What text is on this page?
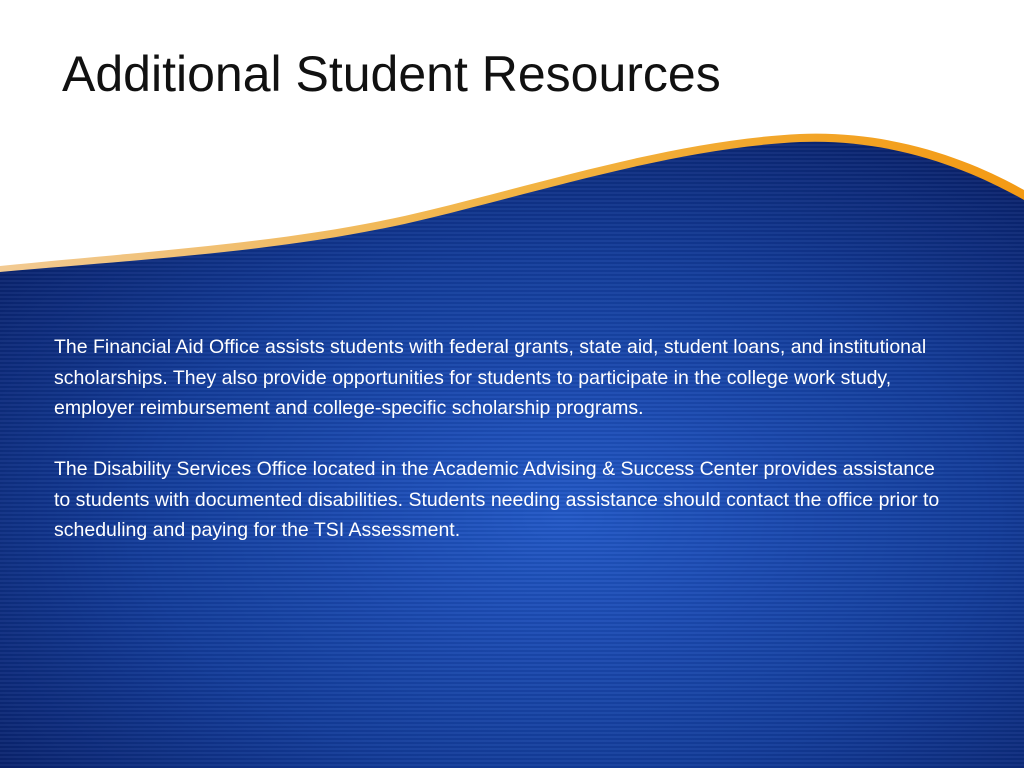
Additional Student Resources

The Financial Aid Office assists students with federal grants, state aid, student loans, and institutional scholarships. They also provide opportunities for students to participate in the college work study, employer reimbursement and college-specific scholarship programs.

The Disability Services Office located in the Academic Advising & Success Center provides assistance to students with documented disabilities. Students needing assistance should contact the office prior to scheduling and paying for the TSI Assessment.
